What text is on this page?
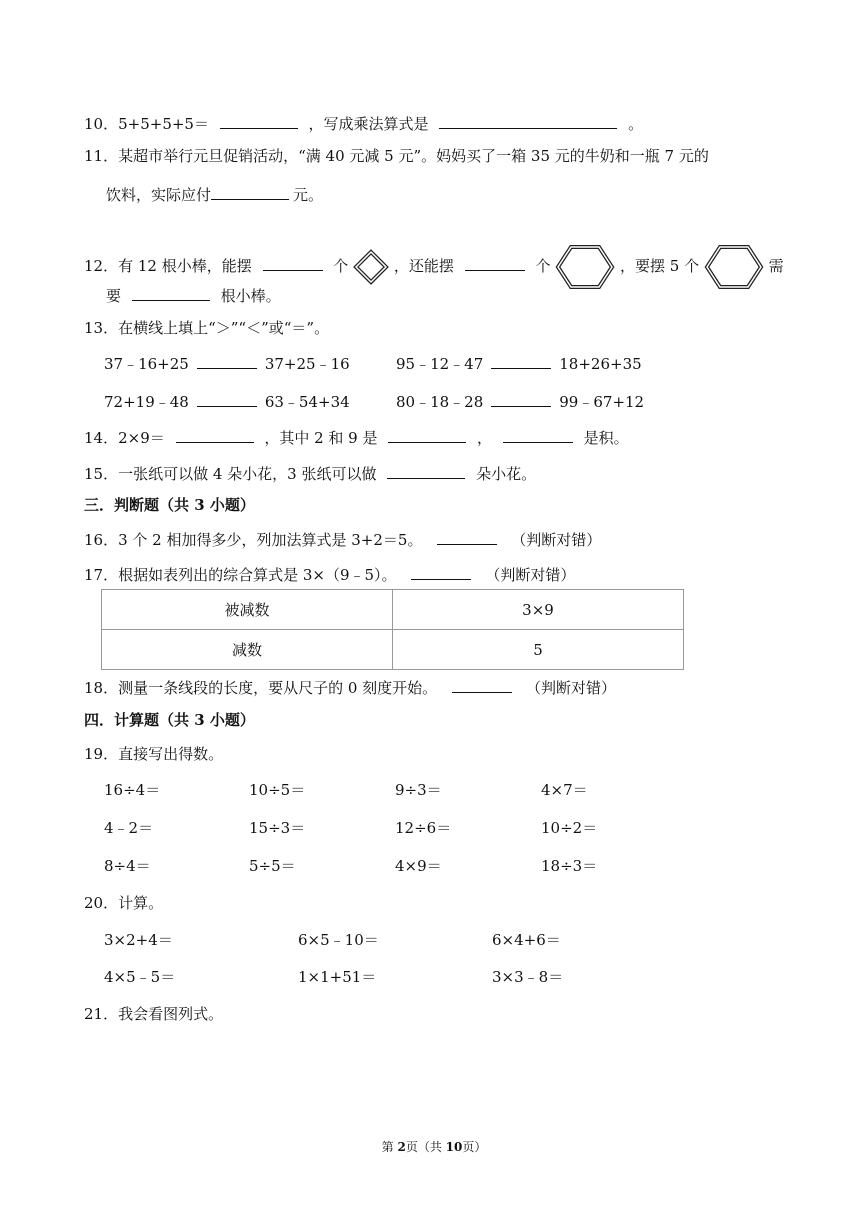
10．5+5+5+5＝	，写成乘法算式是	。
11．某超市举行元旦促销活动，“满 40 元减 5 元”。妈妈买了一箱 35 元的牛奶和一瓶 7 元的
饮料，实际应付	元。
12．有 12 根小棒，能摆	个	，还能摆	个	，要摆 5 个	需
要	根小棒。
13．在横线上填上“＞”“＜”或“＝”。
37﹣16+25	37+25﹣16	95﹣12﹣47	18+26+35
72+19﹣48	63﹣54+34	80﹣18﹣28	99﹣67+12
14．2×9＝	，其中 2 和 9 是	，	是积。
15．一张纸可以做 4 朵小花，3 张纸可以做	朵小花。
三．判断题（共 3 小题）
16．3 个 2 相加得多少，列加法算式是 3+2＝5。	（判断对错）
17．根据如表列出的综合算式是 3×（9﹣5）。	（判断对错）
被减数	3×9
减数	5
18．测量一条线段的长度，要从尺子的 0 刻度开始。	（判断对错）
四．计算题（共 3 小题）
19．直接写出得数。
16÷4＝	10÷5＝	9÷3＝	4×7＝
4﹣2＝	15÷3＝	12÷6＝	10÷2＝
8÷4＝	5÷5＝	4×9＝	18÷3＝
20．计算。
3×2+4＝	6×5﹣10＝	6×4+6＝
4×5﹣5＝	1×1+51＝	3×3﹣8＝
21．我会看图列式。
第 2页（共 10页）
